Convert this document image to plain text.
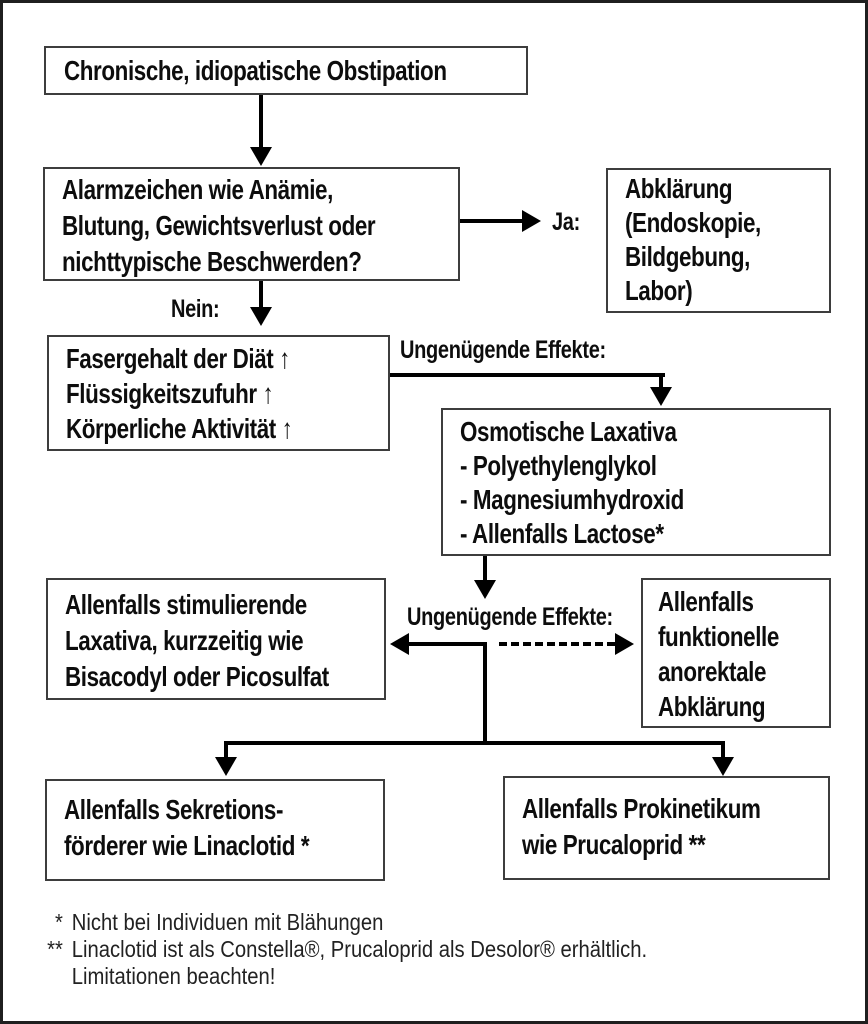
Chronische, idiopatische Obstipation
Alarmzeichen wie Anämie,
Blutung, Gewichtsverlust oder
nichttypische Beschwerden?
Abklärung
(Endoskopie,
Bildgebung,
Labor)
Fasergehalt der Diät ↑
Flüssigkeitszufuhr ↑
Körperliche Aktivität ↑	Osmotische Laxativa
- Polyethylenglykol
- Magnesiumhydroxid
- Allenfalls Lactose*
Allenfalls stimulierende
Laxativa, kurzzeitig wie
Bisacodyl oder Picosulfat
Allenfalls
funktionelle
anorektale
Abklärung
Allenfalls Sekretions-
förderer wie Linaclotid *
Allenfalls Prokinetikum
wie Prucaloprid **
Ja:
Nein:
Ungenügende Effekte:
Ungenügende Effekte:
* Nicht bei Individuen mit Blähungen
** Linaclotid ist als Constella®, Prucaloprid als Desolor® erhältlich.
Limitationen beachten!
